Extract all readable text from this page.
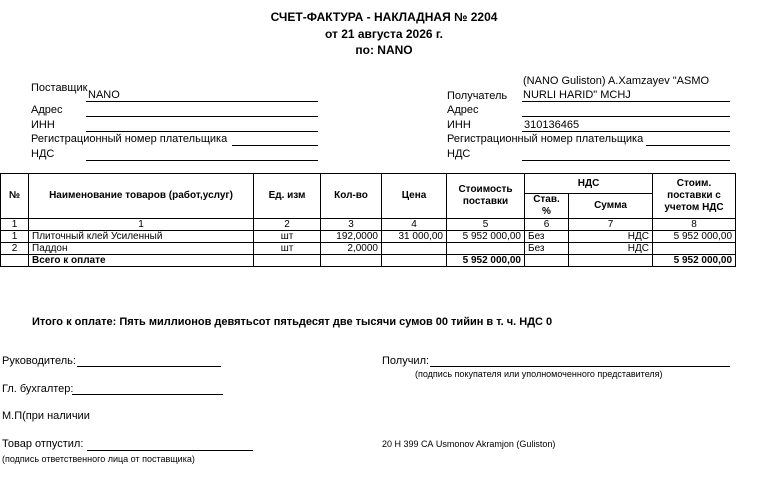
СЧЕТ-ФАКТУРА - НАКЛАДНАЯ № 2204
от 21 августа 2026 г.
по: NANO
Поставщик
NANO
Адрес
ИНН
Регистрационный номер плательщика
НДС
(NANO Guliston) A.Xamzayev "ASMO
Получатель NURLI HARID" MCHJ
Адрес
ИНН	310136465
Регистрационный номер плательщика
НДС
№	Наименование товаров (работ,услуг)	Ед. изм	Кол-во	Цена	Стоимость поставки	НДС		Стоим. поставки с учетом НДС
						Став. %	Сумма	
1	1	2	3	4	5	6	7	8
1	Плиточный клей Усиленный	шт	192,0000	31 000,00	5 952 000,00	Без	НДС	5 952 000,00
2	Паддон	шт	2,0000			Без	НДС	
	Всего к оплате				5 952 000,00			5 952 000,00
Итого к оплате: Пять миллионов девятьсот пятьдесят две тысячи сумов 00 тийин в т. ч. НДС 0
Руководитель:	Получил:
(подпись покупателя или уполномоченного представителя)
Гл. бухгалтер:
М.П(при наличии
Товар отпустил:
(подпись ответственного лица от поставщика)
20 Н 399 СА Usmonov Akramjon (Guliston)
